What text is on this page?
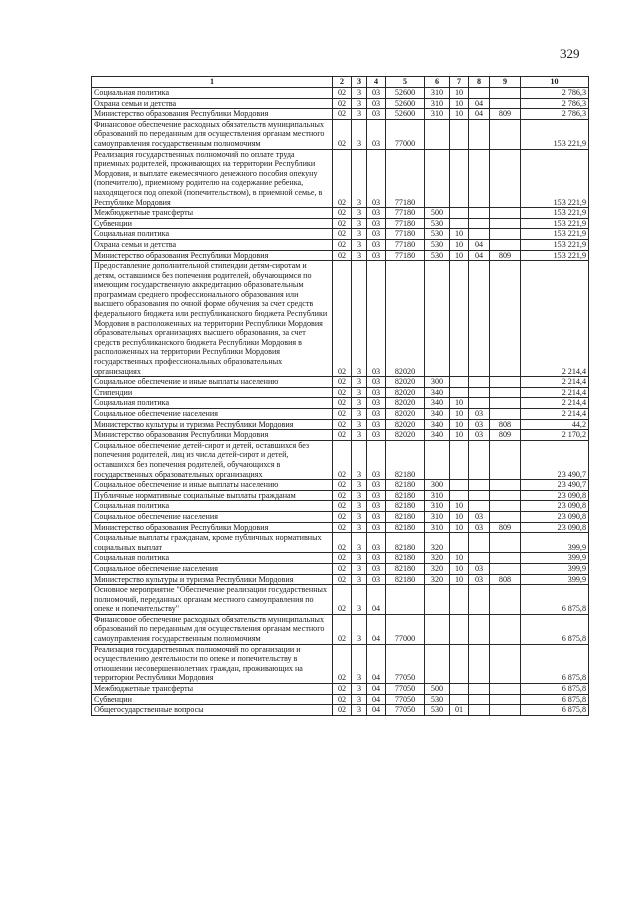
329
1	2	3	4	5	6	7	8	9	10
Социальная политика	02	3	03	52600	310	10			2 786,3
Охрана семьи и детства	02	3	03	52600	310	10	04		2 786,3
Министерство образования Республики Мордовия	02	3	03	52600	310	10	04	809	2 786,3
Финансовое обеспечение расходных обязательств муниципальных образований по переданным для осуществления органам местного самоуправления государственным полномочиям	02	3	03	77000					153 221,9
Реализация государственных полномочий по оплате труда приемных родителей, проживающих на территории Республики Мордовия, и выплате ежемесячного денежного пособия опекуну (попечителю), приемному родителю на содержание ребенка, находящегося под опекой (попечительством), в приемной семье, в Республике Мордовия	02	3	03	77180					153 221,9
Межбюджетные трансферты	02	3	03	77180	500				153 221,9
Субвенции	02	3	03	77180	530				153 221,9
Социальная политика	02	3	03	77180	530	10			153 221,9
Охрана семьи и детства	02	3	03	77180	530	10	04		153 221,9
Министерство образования Республики Мордовия	02	3	03	77180	530	10	04	809	153 221,9
Предоставление дополнительной стипендии детям-сиротам и детям, оставшимся без попечения родителей, обучающимся по имеющим государственную аккредитацию образовательным программам среднего профессионального образования или высшего образования по очной форме обучения за счет средств федерального бюджета или республиканского бюджета Республики Мордовия в расположенных на территории Республики Мордовия образовательных организациях высшего образования, за счет средств республиканского бюджета Республики Мордовия в расположенных на территории Республики Мордовия государственных профессиональных образовательных организациях	02	3	03	82020					2 214,4
Социальное обеспечение и иные выплаты населению	02	3	03	82020	300				2 214,4
Стипендии	02	3	03	82020	340				2 214,4
Социальная политика	02	3	03	82020	340	10			2 214,4
Социальное обеспечение населения	02	3	03	82020	340	10	03		2 214,4
Министерство культуры и туризма Республики Мордовия	02	3	03	82020	340	10	03	808	44,2
Министерство образования Республики Мордовия	02	3	03	82020	340	10	03	809	2 170,2
Социальное обеспечение детей-сирот и детей, оставшихся без попечения родителей, лиц из числа детей-сирот и детей, оставшихся без попечения родителей, обучающихся в государственных образовательных организациях	02	3	03	82180					23 490,7
Социальное обеспечение и иные выплаты населению	02	3	03	82180	300				23 490,7
Публичные нормативные социальные выплаты гражданам	02	3	03	82180	310				23 090,8
Социальная политика	02	3	03	82180	310	10			23 090,8
Социальное обеспечение населения	02	3	03	82180	310	10	03		23 090,8
Министерство образования Республики Мордовия	02	3	03	82180	310	10	03	809	23 090,8
Социальные выплаты гражданам, кроме публичных нормативных социальных выплат	02	3	03	82180	320				399,9
Социальная политика	02	3	03	82180	320	10			399,9
Социальное обеспечение населения	02	3	03	82180	320	10	03		399,9
Министерство культуры и туризма Республики Мордовия	02	3	03	82180	320	10	03	808	399,9
Основное мероприятие "Обеспечение реализации государственных полномочий, переданных органам местного самоуправления по опеке и попечительству"	02	3	04						6 875,8
Финансовое обеспечение расходных обязательств муниципальных образований по переданным для осуществления органам местного самоуправления государственным полномочиям	02	3	04	77000					6 875,8
Реализация государственных полномочий по организации и осуществлению деятельности по опеке и попечительству в отношении несовершеннолетних граждан, проживающих на территории Республики Мордовия	02	3	04	77050					6 875,8
Межбюджетные трансферты	02	3	04	77050	500				6 875,8
Субвенции	02	3	04	77050	530				6 875,8
Общегосударственные вопросы	02	3	04	77050	530	01			6 875,8
